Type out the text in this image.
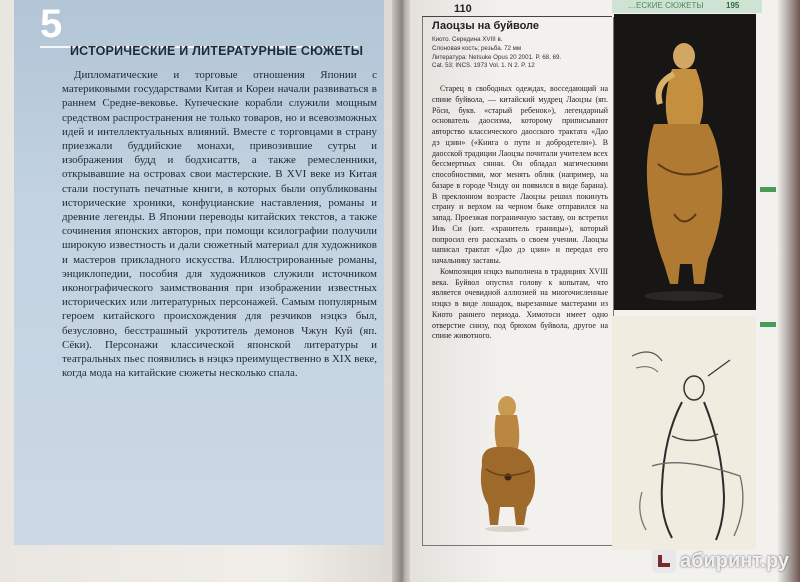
5
ИСТОРИЧЕСКИЕ И ЛИТЕРАТУРНЫЕ СЮЖЕТЫ

Дипломатические и торговые отношения Японии с материковыми государствами Китая и Кореи начали развиваться в раннем Средне-вековье. Купеческие корабли служили мощным средством распространения не только товаров, но и всевозможных идей и интеллектуальных влияний. Вместе с торговцами в страну приезжали буддийские монахи, привозившие сутры и изображения будд и бодхисаттв, а также ремесленники, открывавшие на островах свои мастерские. В XVI веке из Китая стали поступать печатные книги, в которых были опубликованы исторические хроники, конфуцианские наставления, романы и древние легенды. В Японии переводы китайских текстов, а также сочинения японских авторов, при помощи ксилографии получили широкую известность и дали сюжетный материал для художников и мастеров прикладного искусства. Иллюстрированные романы, энциклопедии, пособия для художников служили источником иконографического заимствования при изображении известных исторических или литературных персонажей. Самым популярным героем китайского происхождения для резчиков нэцкэ был, безусловно, бесстрашный укротитель демонов Чжун Куй (яп. Сёки). Персонажи классической японской литературы и театральных пьес появились в нэцкэ преимущественно в XIX веке, когда мода на китайские сюжеты несколько спала.

110	…ЕСКИЕ СЮЖЕТЫ	195
Лаоцзы на буйволе
Киото. Середина XVIII в.
Слоновая кость; резьба. 72 мм
Литература: Netsuke Opus 20 2001. P. 68, 69.
Cat. 53; INCS. 1973 Vol. 1. N 2. P. 12

Старец в свободных одеждах, восседающий на спине буйвола, — китайский мудрец Лаоцзы (яп. Рōси, букв. «старый ребенок»), легендарный основатель даосизма, которому приписывают авторство классического даосского трактата «Дао дэ цзин» («Книга о пути и добродетели»). В даосской традиции Лаоцзы почитали учителем всех бессмертных сянни. Он обладал магическими способностями, мог менять облик (например, на базаре в городе Чэнду он появился в виде барана). В преклонном возрасте Лаоцзы решил покинуть страну и верхом на черном быке отправился на запад. Проезжая пограничную заставу, он встретил Инь Си (кит. «хранитель границы»), который попросил его рассказать о своем учении. Лаоцзы написал трактат «Дао дэ цзин» и передал его начальнику заставы.

Композиция нэцкэ выполнена в традициях XVIII века. Буйвол опустил голову к копытам, что является очевидной аллюзией на многочисленные нэцкэ в виде лошадок, вырезанные мастерами из Киото раннего периода. Химотоси имеет одно отверстие снизу, под брюхом буйвола, другое на спине животного.

абиринт.ру
